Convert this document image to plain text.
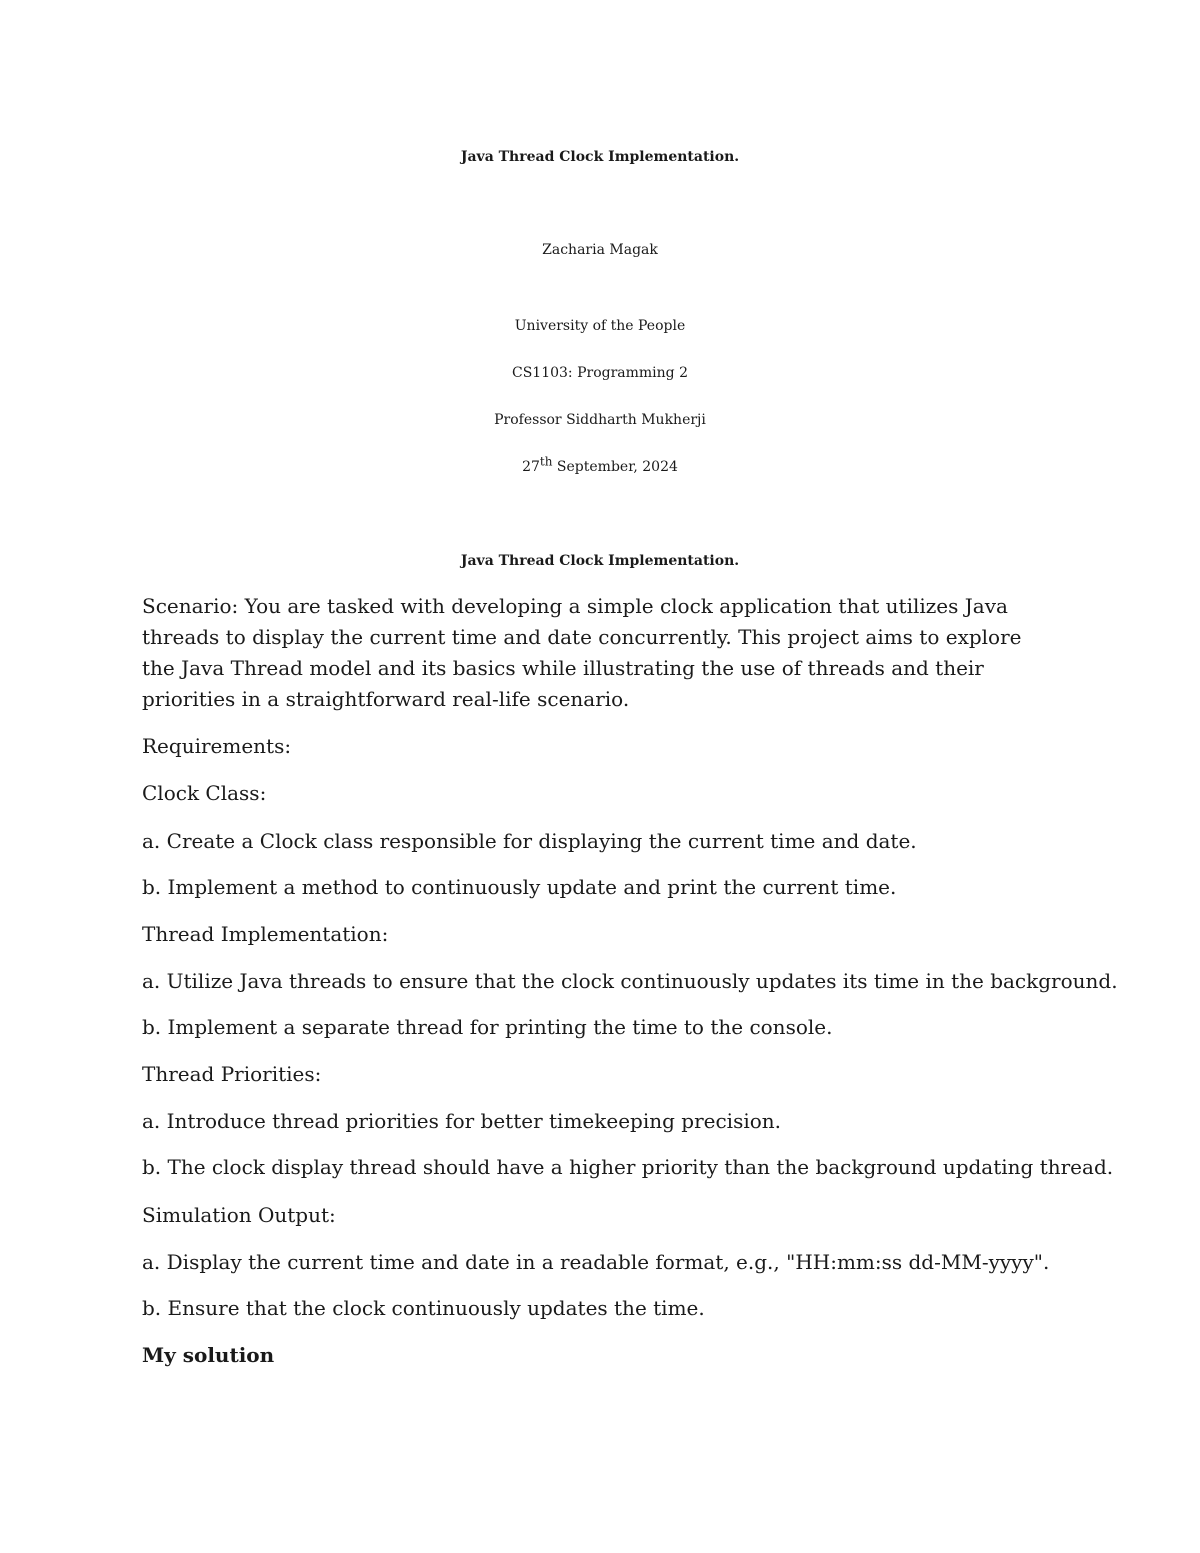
Java Thread Clock Implementation.
Zacharia Magak
University of the People
CS1103: Programming 2
Professor Siddharth Mukherji
27th September, 2024
Java Thread Clock Implementation.
Scenario: You are tasked with developing a simple clock application that utilizes Java threads to display the current time and date concurrently. This project aims to explore the Java Thread model and its basics while illustrating the use of threads and their priorities in a straightforward real-life scenario.
Requirements:
Clock Class:
a. Create a Clock class responsible for displaying the current time and date.
b. Implement a method to continuously update and print the current time.
Thread Implementation:
a. Utilize Java threads to ensure that the clock continuously updates its time in the background.
b. Implement a separate thread for printing the time to the console.
Thread Priorities:
a. Introduce thread priorities for better timekeeping precision.
b. The clock display thread should have a higher priority than the background updating thread.
Simulation Output:
a. Display the current time and date in a readable format, e.g., "HH:mm:ss dd-MM-yyyy".
b. Ensure that the clock continuously updates the time.
My solution
